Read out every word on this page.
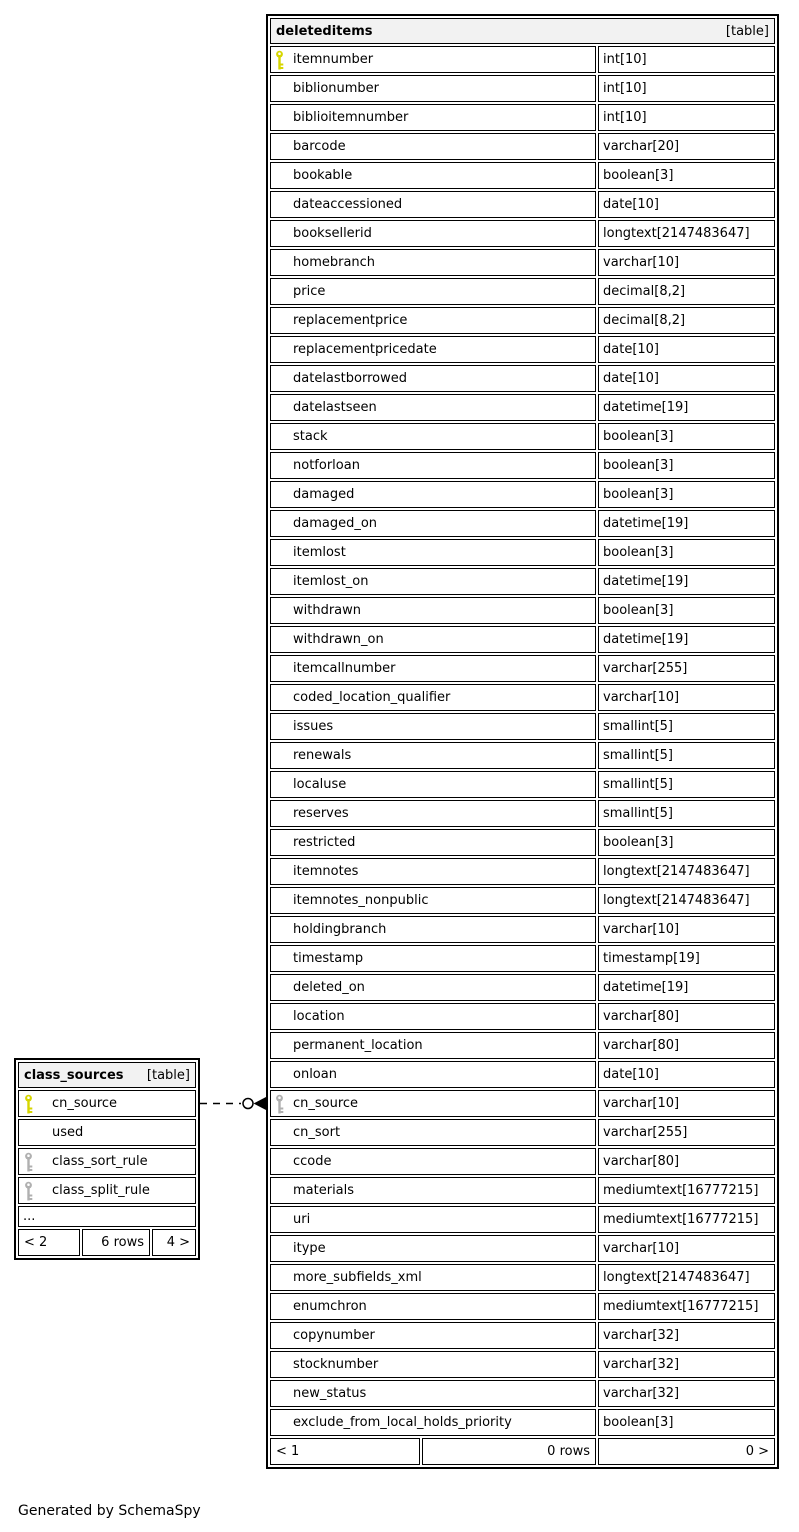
deleteditems	[table]
itemnumber	int[10]
biblionumber	int[10]
biblioitemnumber	int[10]
barcode	varchar[20]
bookable	boolean[3]
dateaccessioned	date[10]
booksellerid	longtext[2147483647]
homebranch	varchar[10]
price	decimal[8,2]
replacementprice	decimal[8,2]
replacementpricedate	date[10]
datelastborrowed	date[10]
datelastseen	datetime[19]
stack	boolean[3]
notforloan	boolean[3]
damaged	boolean[3]
damaged_on	datetime[19]
itemlost	boolean[3]
itemlost_on	datetime[19]
withdrawn	boolean[3]
withdrawn_on	datetime[19]
itemcallnumber	varchar[255]
coded_location_qualifier	varchar[10]
issues	smallint[5]
renewals	smallint[5]
localuse	smallint[5]
reserves	smallint[5]
restricted	boolean[3]
itemnotes	longtext[2147483647]
itemnotes_nonpublic	longtext[2147483647]
holdingbranch	varchar[10]
timestamp	timestamp[19]
deleted_on	datetime[19]
location	varchar[80]
permanent_location	varchar[80]
onloan	date[10]
cn_source	varchar[10]
cn_sort	varchar[255]
ccode	varchar[80]
materials	mediumtext[16777215]
uri	mediumtext[16777215]
itype	varchar[10]
more_subfields_xml	longtext[2147483647]
enumchron	mediumtext[16777215]
copynumber	varchar[32]
stocknumber	varchar[32]
new_status	varchar[32]
exclude_from_local_holds_priority	boolean[3]
< 1	0 rows	0 >
class_sources [table]
cn_source
used
class_sort_rule
class_split_rule
...
< 2	6 rows	4 >
Generated by SchemaSpy
